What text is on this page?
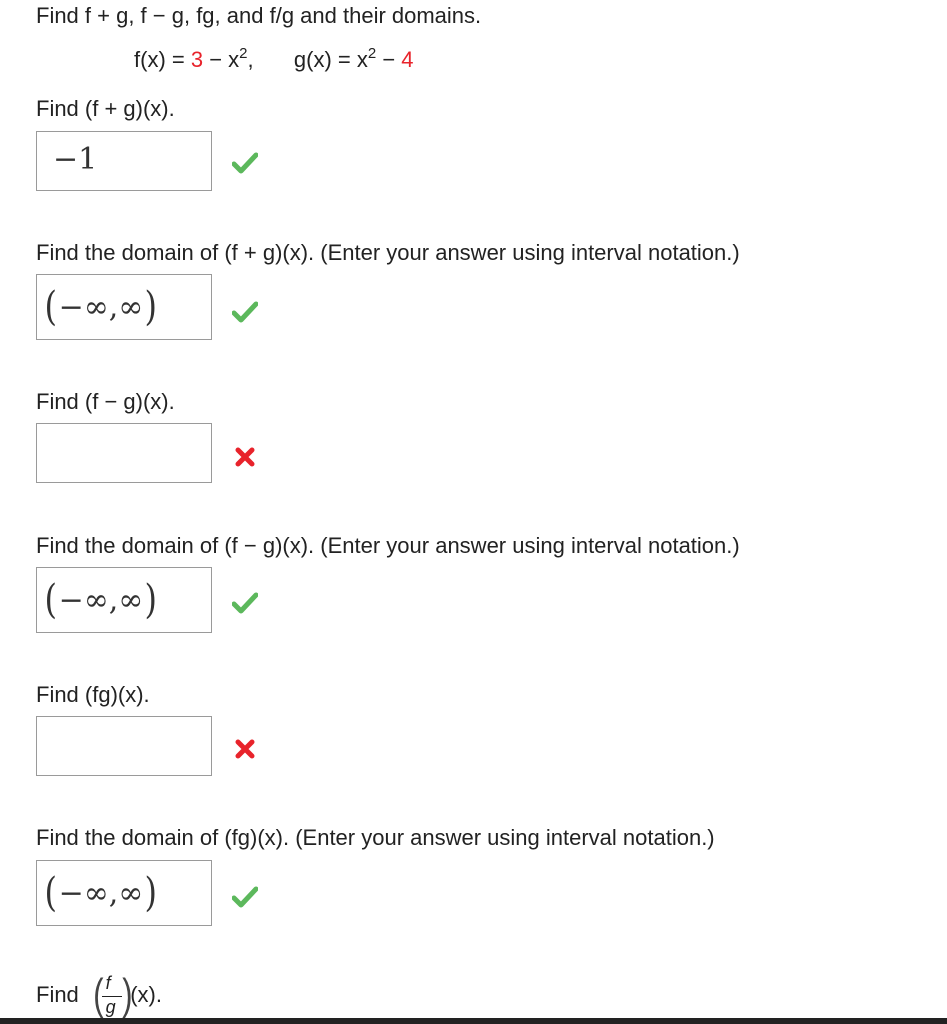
Find f + g, f − g, fg, and f/g and their domains.
$f(x) = 3 - x^2$, $g(x) = x^2 - 4$
Find (f + g)(x).
−1
Find the domain of (f + g)(x). (Enter your answer using interval notation.)
(−∞,∞)
Find (f − g)(x).
Find the domain of (f − g)(x). (Enter your answer using interval notation.)
(−∞,∞)
Find (fg)(x).
Find the domain of (fg)(x). (Enter your answer using interval notation.)
(−∞,∞)
Find (
$\frac{f}{g}$
)(x).
